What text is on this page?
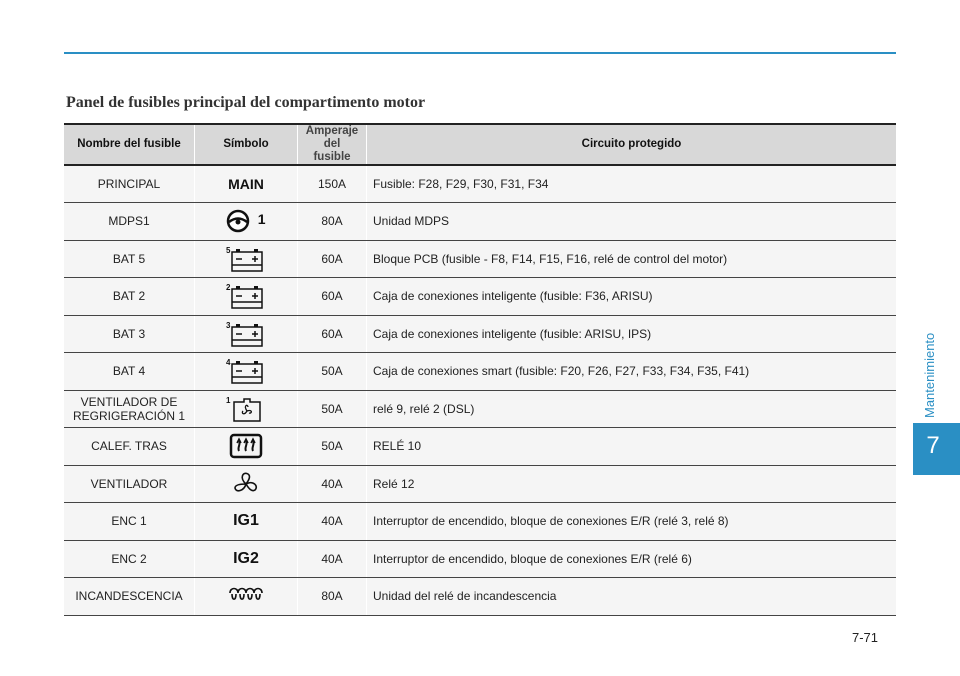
Panel de fusibles principal del compartimento motor
Nombre del fusible	Símbolo	Amperaje del
fusible	Circuito protegido
PRINCIPAL	MAIN	150A	Fusible: F28, F29, F30, F31, F34
MDPS1	1	80A	Unidad MDPS
BAT 5	5	60A	Bloque PCB (fusible - F8, F14, F15, F16, relé de control del motor)
BAT 2	2	60A	Caja de conexiones inteligente (fusible: F36, ARISU)
BAT 3	3	60A	Caja de conexiones inteligente (fusible: ARISU, IPS)
BAT 4	4	50A	Caja de conexiones smart (fusible: F20, F26, F27, F33, F34, F35, F41)
VENTILADOR DE
REGRIGERACIÓN 1	1	50A	relé 9, relé 2 (DSL)
CALEF. TRAS		50A	RELÉ 10
VENTILADOR		40A	Relé 12
ENC 1	IG1	40A	Interruptor de encendido, bloque de conexiones E/R (relé 3, relé 8)
ENC 2	IG2	40A	Interruptor de encendido, bloque de conexiones E/R (relé 6)
INCANDESCENCIA		80A	Unidad del relé de incandescencia
Mantenimiento
7
7-71
